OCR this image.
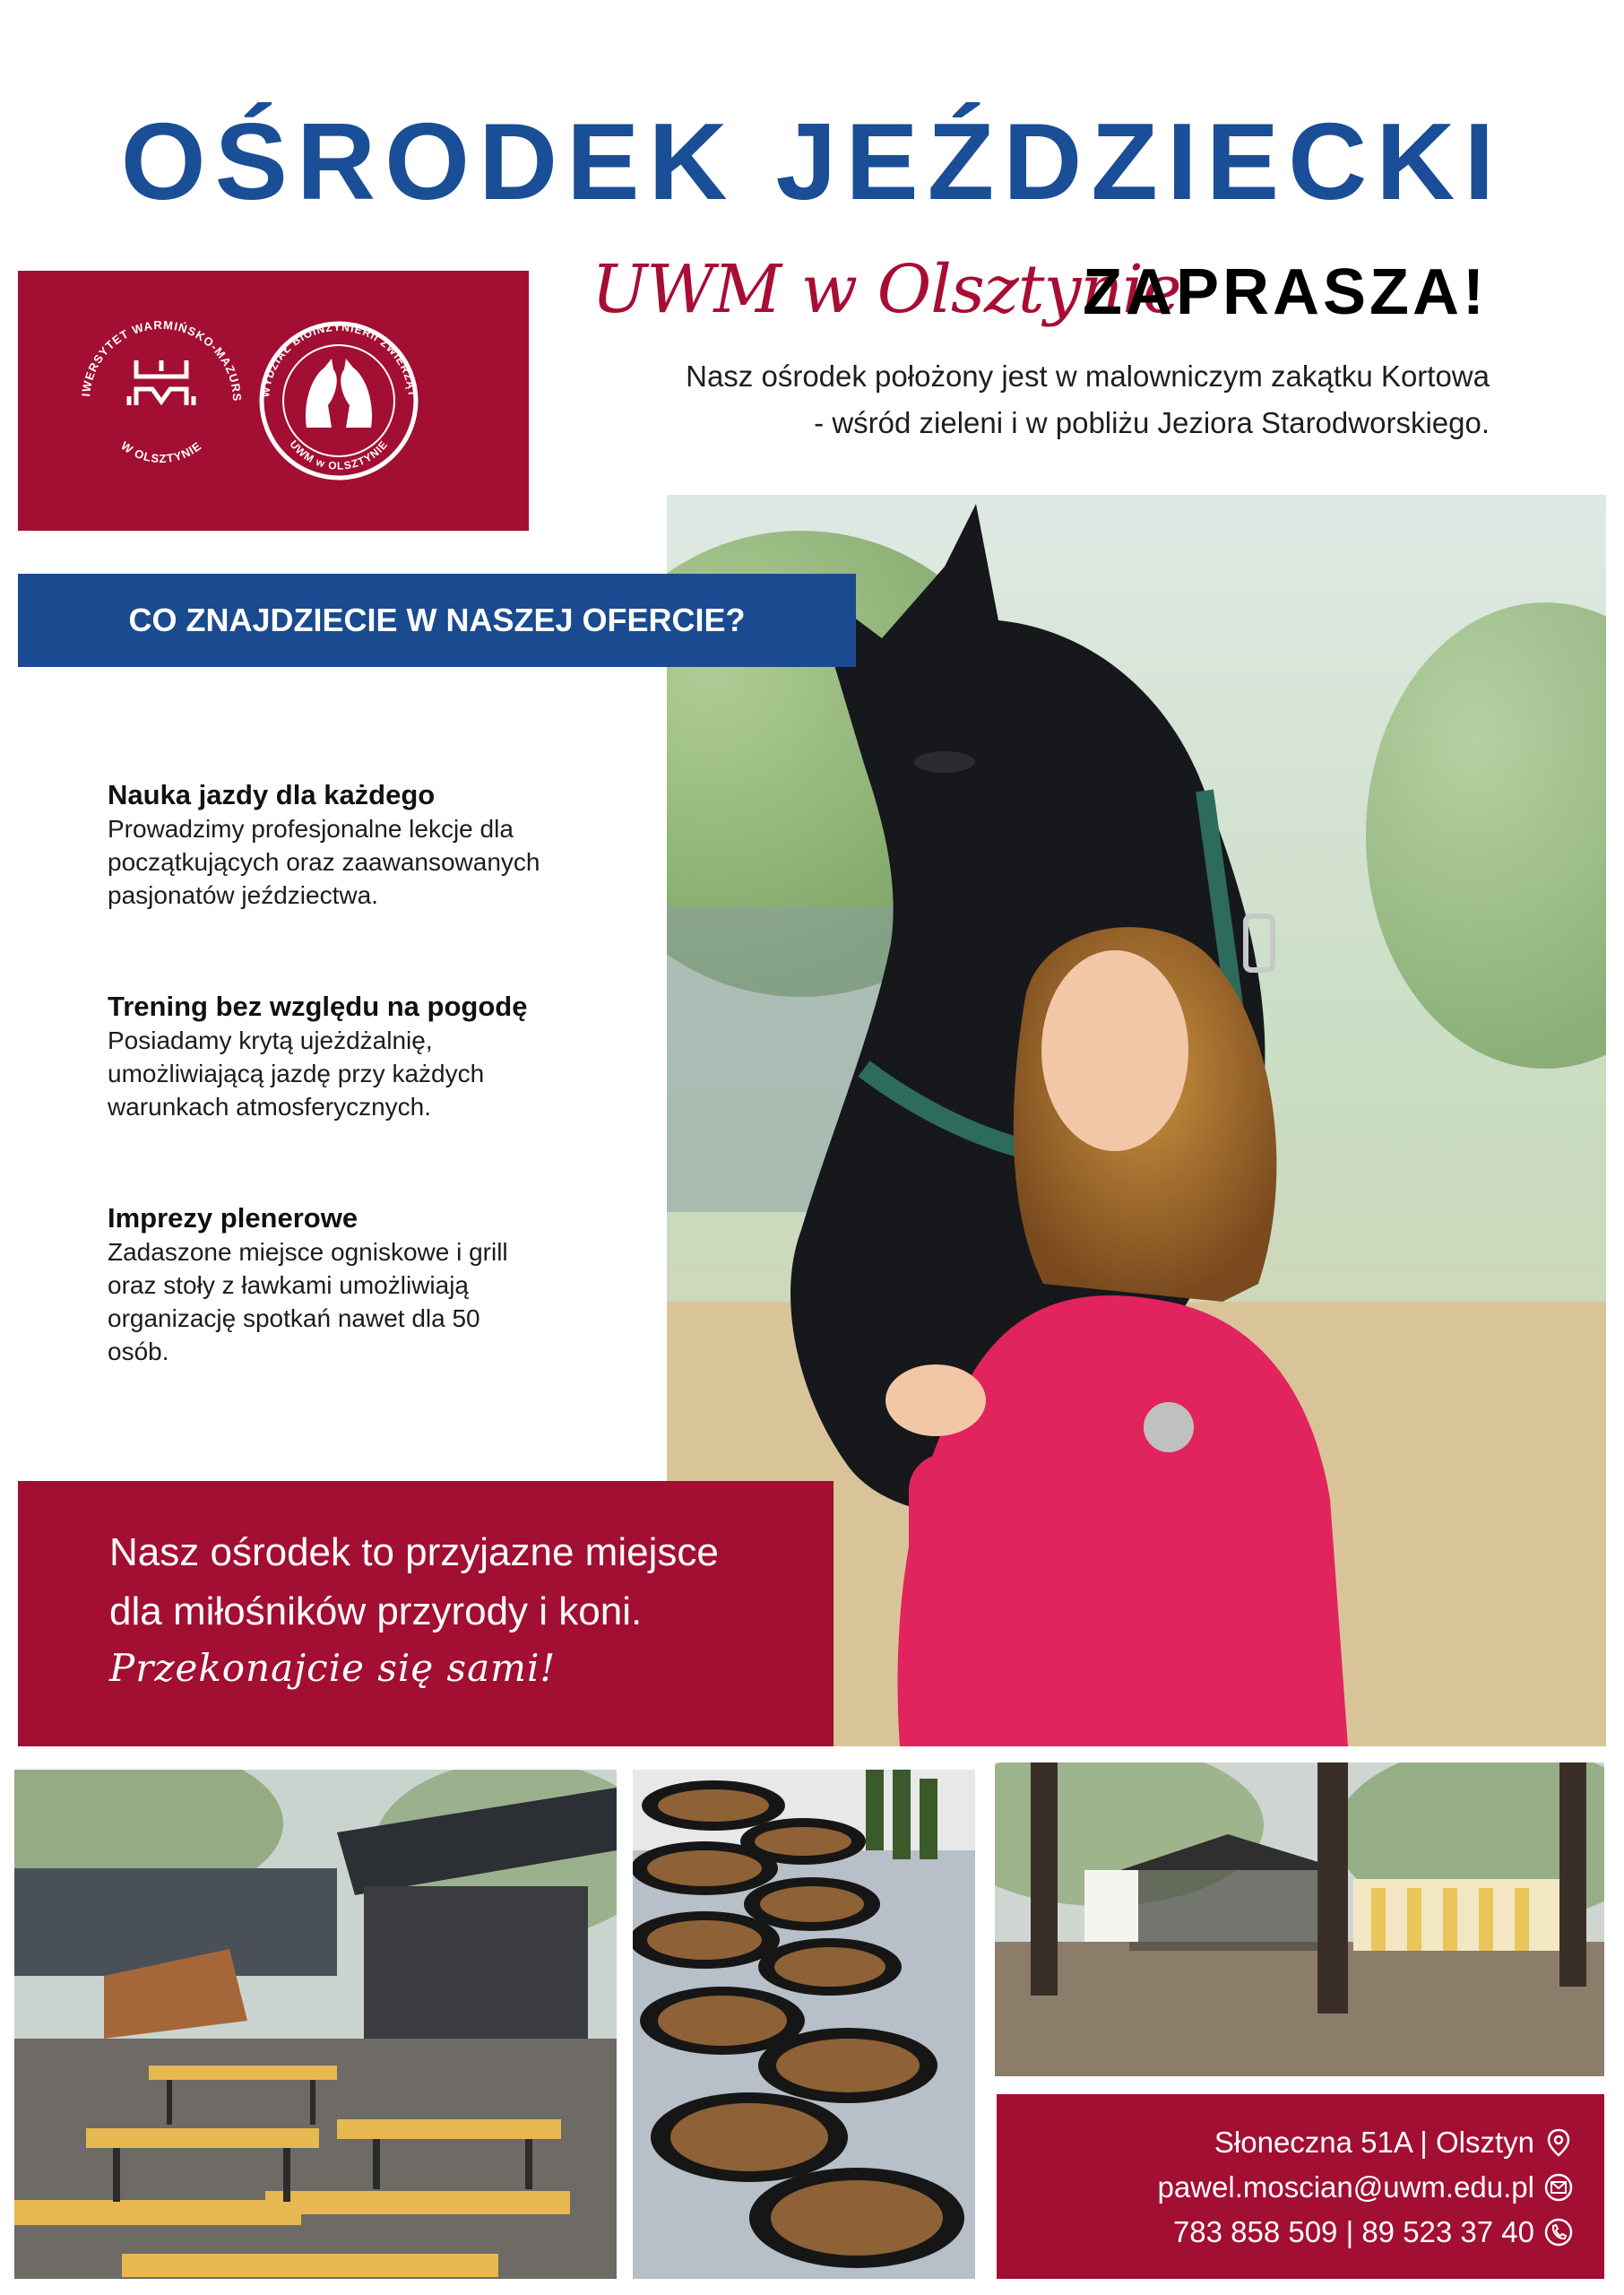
OŚRODEK JEŹDZIECKI
UWM w Olsztynie
ZAPRASZA!
Nasz ośrodek położony jest w malowniczym zakątku Kortowa
- wśród zieleni i w pobliżu Jeziora Starodworskiego.
IWERSYTET WARMIŃSKO-MAZURS
W OLSZTYNIE
WYDZIAŁ BIOINŻYNIERII ZWIERZĄT
UWM w OLSZTYNIE
CO ZNAJDZIECIE W NASZEJ OFERCIE?
Nauka jazdy dla każdego

Prowadzimy profesjonalne lekcje dla

początkujących oraz zaawansowanych

pasjonatów jeździectwa.

Trening bez względu na pogodę

Posiadamy krytą ujeżdżalnię,

umożliwiającą jazdę przy każdych

warunkach atmosferycznych.

Imprezy plenerowe

Zadaszone miejsce ogniskowe i grill

oraz stoły z ławkami umożliwiają

organizację spotkań nawet dla 50

osób.

Nasz ośrodek to przyjazne miejsce
dla miłośników przyrody i koni.
Przekonajcie się sami!
Słoneczna 51A | Olsztyn
pawel.moscian@uwm.edu.pl
783 858 509 | 89 523 37 40
